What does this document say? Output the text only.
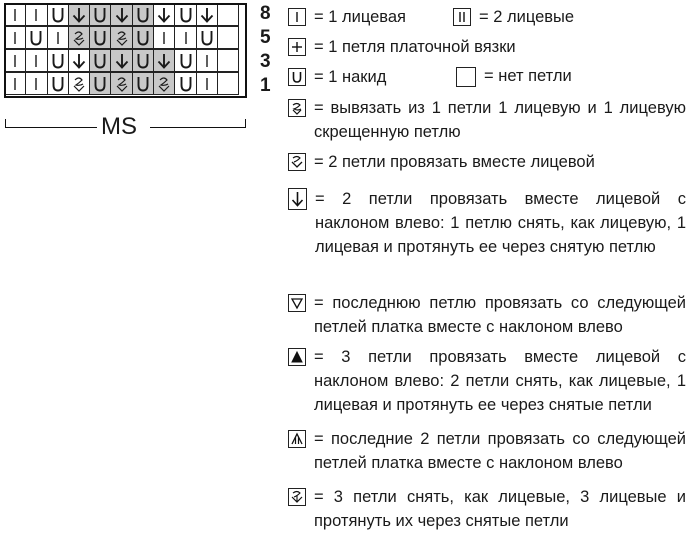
8
5
3
1
MS
= 1 лицевая	= 2 лицевые
= 1 петля платочной вязки
= 1 накид	= нет петли
= вывязать из 1 петли 1 лицевую и 1 лицевую скрещенную петлю
= 2 петли провязать вместе лицевой
= 2 петли провязать вместе лицевой с наклоном влево: 1 петлю снять, как лицевую, 1 лицевая и протянуть ее через снятую петлю
= последнюю петлю провязать со следующей петлей платка вместе с наклоном влево
= 3 петли провязать вместе лицевой с наклоном влево: 2 петли снять, как лицевые, 1 лицевая и протянуть ее через снятые петли
= последние 2 петли провязать со следующей петлей платка вместе с наклоном влево
= 3 петли снять, как лицевые, 3 лицевые и протянуть их через снятые петли
